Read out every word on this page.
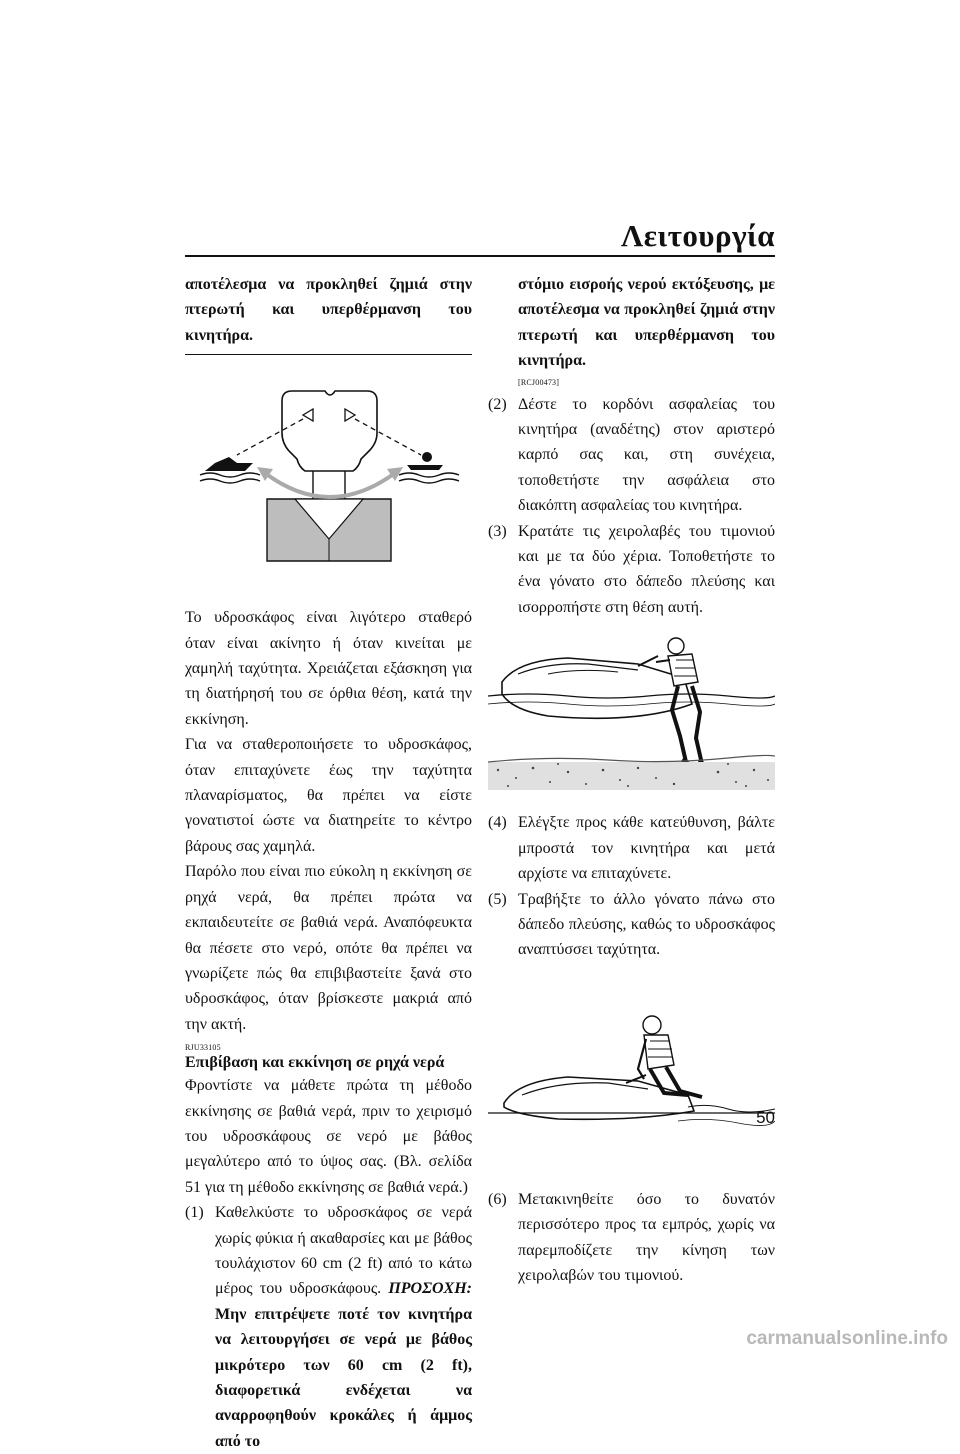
Λειτουργία

αποτέλεσμα να προκληθεί ζημιά στην πτερωτή και υπερθέρμανση του κινητήρα.

Το υδροσκάφος είναι λιγότερο σταθερό όταν είναι ακίνητο ή όταν κινείται με χαμηλή ταχύτητα. Χρειάζεται εξάσκηση για τη διατήρησή του σε όρθια θέση, κατά την εκκίνηση.

Για να σταθεροποιήσετε το υδροσκάφος, όταν επιταχύνετε έως την ταχύτητα πλαναρίσματος, θα πρέπει να είστε γονατιστοί ώστε να διατηρείτε το κέντρο βάρους σας χαμηλά.

Παρόλο που είναι πιο εύκολη η εκκίνηση σε ρηχά νερά, θα πρέπει πρώτα να εκπαιδευτείτε σε βαθιά νερά. Αναπόφευκτα θα πέσετε στο νερό, οπότε θα πρέπει να γνωρίζετε πώς θα επιβιβαστείτε ξανά στο υδροσκάφος, όταν βρίσκεστε μακριά από την ακτή.

RJU33105
Επιβίβαση και εκκίνηση σε ρηχά νερά

Φροντίστε να μάθετε πρώτα τη μέθοδο εκκίνησης σε βαθιά νερά, πριν το χειρισμό του υδροσκάφους σε νερό με βάθος μεγαλύτερο από το ύψος σας. (Βλ. σελίδα 51 για τη μέθοδο εκκίνησης σε βαθιά νερά.)

(1) Καθελκύστε το υδροσκάφος σε νερά χωρίς φύκια ή ακαθαρσίες και με βάθος τουλάχιστον 60 cm (2 ft) από το κάτω μέρος του υδροσκάφους. ΠΡΟΣΟΧΗ: Μην επιτρέψετε ποτέ τον κινητήρα να λειτουργήσει σε νερά με βάθος μικρότερο των 60 cm (2 ft), διαφορετικά ενδέχεται να αναρροφηθούν κροκάλες ή άμμος από το

στόμιο εισροής νερού εκτόξευσης, με αποτέλεσμα να προκληθεί ζημιά στην πτερωτή και υπερθέρμανση του κινητήρα.

[RCJ00473]
(2) Δέστε το κορδόνι ασφαλείας του κινητήρα (αναδέτης) στον αριστερό καρπό σας και, στη συνέχεια, τοποθετήστε την ασφάλεια στο διακόπτη ασφαλείας του κινητήρα.
(3) Κρατάτε τις χειρολαβές του τιμονιού και με τα δύο χέρια. Τοποθετήστε το ένα γόνατο στο δάπεδο πλεύσης και ισορροπήστε στη θέση αυτή.
(4) Ελέγξτε προς κάθε κατεύθυνση, βάλτε μπροστά τον κινητήρα και μετά αρχίστε να επιταχύνετε.
(5) Τραβήξτε το άλλο γόνατο πάνω στο δάπεδο πλεύσης, καθώς το υδροσκάφος αναπτύσσει ταχύτητα.
(6) Μετακινηθείτε όσο το δυνατόν περισσότερο προς τα εμπρός, χωρίς να παρεμποδίζετε την κίνηση των χειρολαβών του τιμονιού.
50
carmanualsonline.info
